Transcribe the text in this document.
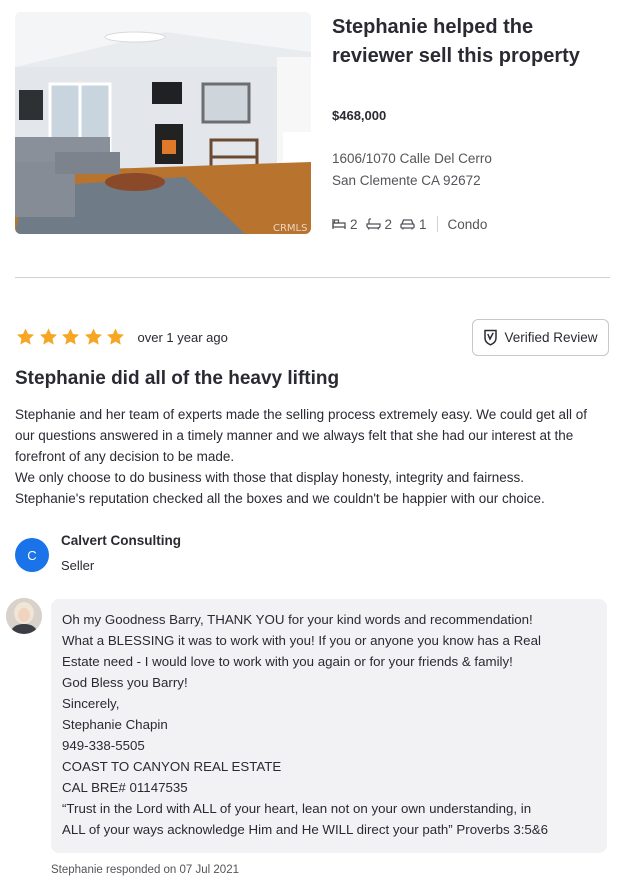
CRMLS
Stephanie helped the
reviewer sell this property
$468,000
1606/1070 Calle Del Cerro
San Clemente CA 92672
2 2 1 Condo
over 1 year ago	Verified Review
Stephanie did all of the heavy lifting

Stephanie and her team of experts made the selling process extremely easy. We could get all of

our questions answered in a timely manner and we always felt that she had our interest at the

forefront of any decision to be made.

We only choose to do business with those that display honesty, integrity and fairness.

Stephanie's reputation checked all the boxes and we couldn't be happier with our choice.

C
Calvert Consulting
Seller

Oh my Goodness Barry, THANK YOU for your kind words and recommendation!

What a BLESSING it was to work with you! If you or anyone you know has a Real

Estate need - I would love to work with you again or for your friends & family!

God Bless you Barry!

Sincerely,

Stephanie Chapin

949-338-5505

COAST TO CANYON REAL ESTATE

CAL BRE# 01147535

“Trust in the Lord with ALL of your heart, lean not on your own understanding, in

ALL of your ways acknowledge Him and He WILL direct your path” Proverbs 3:5&6

Stephanie responded on 07 Jul 2021
